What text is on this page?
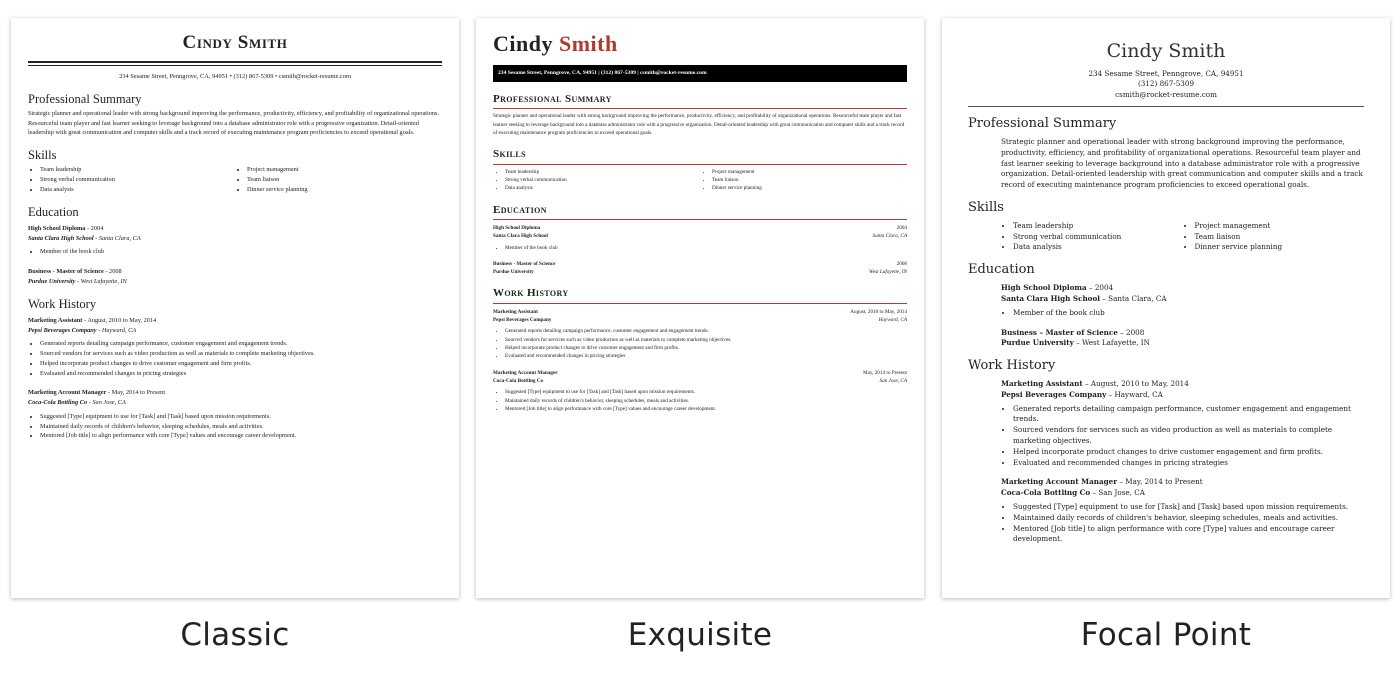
Cindy Smith
234 Sesame Street, Penngrove, CA, 94951 • (312) 867-5309 • csmith@rocket-resume.com
Professional Summary
Strategic planner and operational leader with strong background improving the performance, productivity, efficiency, and profitability of organizational operations. Resourceful team player and fast learner seeking to leverage background into a database administrator role with a progressive organization. Detail-oriented leadership with great communication and computer skills and a track record of executing maintenance program proficiencies to exceed operational goals.
Skills
• Team leadership
• Strong verbal communication
• Data analysis
• Project management
• Team liaison
• Dinner service planning
Education
High School Diploma - 2004
Santa Clara High School - Santa Clara, CA
• Member of the book club
Business - Master of Science - 2008
Purdue University - West Lafayette, IN
Work History
Marketing Assistant - August, 2010 to May, 2014
Pepsi Beverages Company - Hayward, CA
• Generated reports detailing campaign performance, customer engagement and engagement trends.
• Sourced vendors for services such as video production as well as materials to complete marketing objectives.
• Helped incorporate product changes to drive customer engagement and firm profits.
• Evaluated and recommended changes in pricing strategies
Marketing Account Manager - May, 2014 to Present
Coca-Cola Bottling Co - San Jose, CA
• Suggested [Type] equipment to use for [Task] and [Task] based upon mission requirements.
• Maintained daily records of children's behavior, sleeping schedules, meals and activities.
• Mentored [Job title] to align performance with core [Type] values and encourage career development.
Cindy Smith
234 Sesame Street, Penngrove, CA, 94951 | (312) 867-5309 | csmith@rocket-resume.com
Professional Summary
Strategic planner and operational leader with strong background improving the performance, productivity, efficiency, and profitability of organizational operations. Resourceful team player and fast learner seeking to leverage background into a database administrator role with a progressive organization. Detail-oriented leadership with great communication and computer skills and a track record of executing maintenance program proficiencies to exceed operational goals.
Skills
• Team leadership
• Strong verbal communication
• Data analysis
• Project management
• Team liaison
• Dinner service planning
Education
High School Diploma	2004
Santa Clara High School	Santa Clara, CA
• Member of the book club
Business - Master of Science	2008
Purdue University	West Lafayette, IN
Work History
Marketing Assistant	August, 2010 to May, 2014
Pepsi Beverages Company	Hayward, CA
• Generated reports detailing campaign performance, customer engagement and engagement trends.
• Sourced vendors for services such as video production as well as materials to complete marketing objectives.
• Helped incorporate product changes to drive customer engagement and firm profits.
• Evaluated and recommended changes in pricing strategies
Marketing Account Manager	May, 2014 to Present
Coca-Cola Bottling Co	San Jose, CA
• Suggested [Type] equipment to use for [Task] and [Task] based upon mission requirements.
• Maintained daily records of children's behavior, sleeping schedules, meals and activities.
• Mentored [Job title] to align performance with core [Type] values and encourage career development.
Cindy Smith
234 Sesame Street, Penngrove, CA, 94951
(312) 867-5309
csmith@rocket-resume.com
Professional Summary
Strategic planner and operational leader with strong background improving the performance, productivity, efficiency, and profitability of organizational operations. Resourceful team player and fast learner seeking to leverage background into a database administrator role with a progressive organization. Detail-oriented leadership with great communication and computer skills and a track record of executing maintenance program proficiencies to exceed operational goals.
Skills
• Team leadership
• Strong verbal communication
• Data analysis
• Project management
• Team liaison
• Dinner service planning
Education
High School Diploma – 2004
Santa Clara High School – Santa Clara, CA
• Member of the book club
Business – Master of Science – 2008
Purdue University – West Lafayette, IN
Work History
Marketing Assistant – August, 2010 to May, 2014
Pepsi Beverages Company – Hayward, CA
• Generated reports detailing campaign performance, customer engagement and engagement trends.
• Sourced vendors for services such as video production as well as materials to complete marketing objectives.
• Helped incorporate product changes to drive customer engagement and firm profits.
• Evaluated and recommended changes in pricing strategies
Marketing Account Manager – May, 2014 to Present
Coca-Cola Bottling Co – San Jose, CA
• Suggested [Type] equipment to use for [Task] and [Task] based upon mission requirements.
• Maintained daily records of children's behavior, sleeping schedules, meals and activities.
• Mentored [Job title] to align performance with core [Type] values and encourage career development.
Classic	Exquisite	Focal Point
